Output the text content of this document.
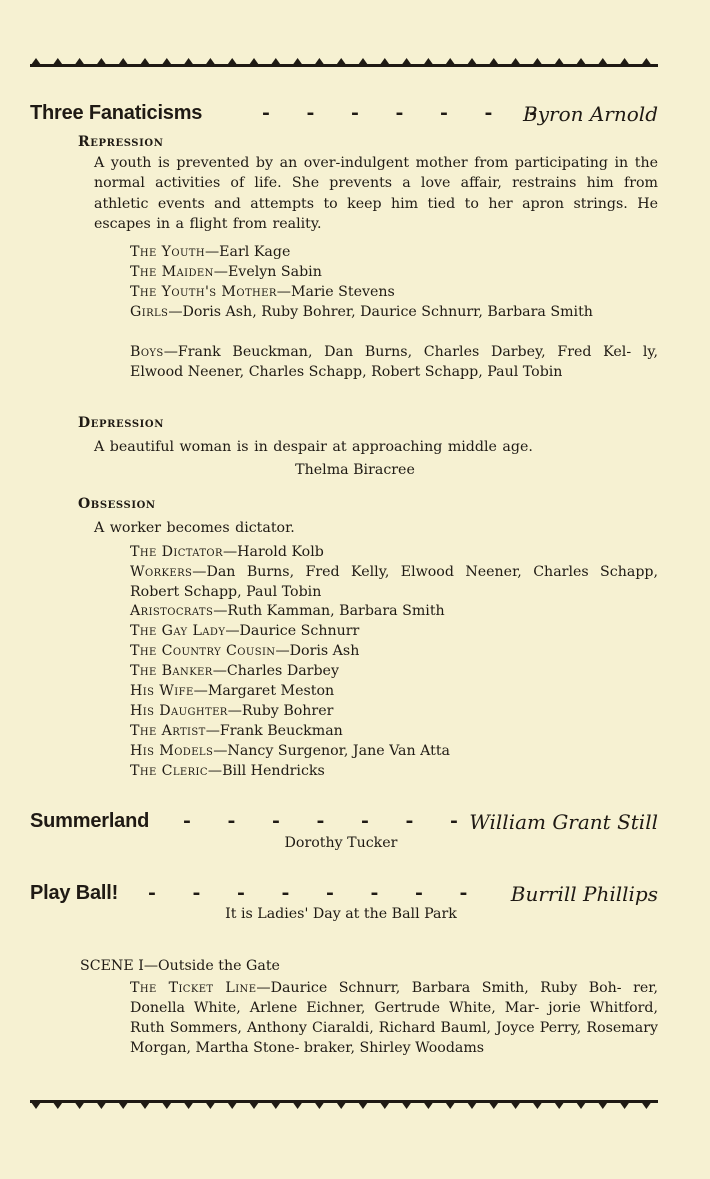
Three Fanaticisms	- - - - - - -
Byron Arnold
Repression

A youth is prevented by an over-indulgent mother from participating in the normal activities of life. She prevents a love affair, restrains him from athletic events and attempts to keep him tied to her apron strings. He escapes in a flight from reality.

The Youth—Earl Kage

The Maiden—Evelyn Sabin

The Youth's Mother—Marie Stevens

Girls—Doris Ash, Ruby Bohrer, Daurice Schnurr, Barbara Smith

Boys—Frank Beuckman, Dan Burns, Charles Darbey, Fred Kel- ly, Elwood Neener, Charles Schapp, Robert Schapp, Paul Tobin

Depression

A beautiful woman is in despair at approaching middle age.

Thelma Biracree
Obsession

A worker becomes dictator.

The Dictator—Harold Kolb

Workers—Dan Burns, Fred Kelly, Elwood Neener, Charles Schapp, Robert Schapp, Paul Tobin

Aristocrats—Ruth Kamman, Barbara Smith

The Gay Lady—Daurice Schnurr

The Country Cousin—Doris Ash

The Banker—Charles Darbey

His Wife—Margaret Meston

His Daughter—Ruby Bohrer

The Artist—Frank Beuckman

His Models—Nancy Surgenor, Jane Van Atta

The Cleric—Bill Hendricks

Summerland - - - - - - -
William Grant Still
Dorothy Tucker
Play Ball! - - - - - - - - Burrill Phillips
It is Ladies' Day at the Ball Park
SCENE I—Outside the Gate

The Ticket Line—Daurice Schnurr, Barbara Smith, Ruby Boh- rer, Donella White, Arlene Eichner, Gertrude White, Mar- jorie Whitford, Ruth Sommers, Anthony Ciaraldi, Richard Bauml, Joyce Perry, Rosemary Morgan, Martha Stone- braker, Shirley Woodams
